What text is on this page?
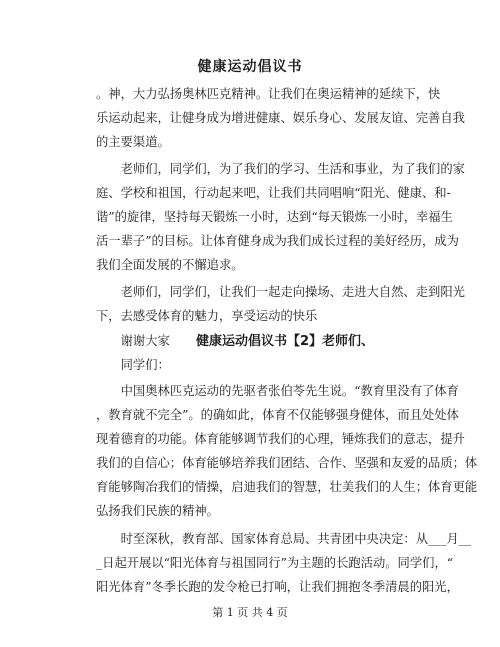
健康运动倡议书
。神，大力弘扬奥林匹克精神。让我们在奥运精神的延续下，快
乐运动起来，让健身成为增进健康、娱乐身心、发展友谊、完善自我
的主要渠道。
　　老师们，同学们，为了我们的学习、生活和事业，为了我们的家
庭、学校和祖国，行动起来吧，让我们共同唱响“阳光、健康、和-
谐”的旋律，坚持每天锻炼一小时，达到“每天锻炼一小时，幸福生
活一辈子”的目标。让体育健身成为我们成长过程的美好经历，成为
我们全面发展的不懈追求。
　　老师们，同学们，让我们一起走向操场、走进大自然、走到阳光
下，去感受体育的魅力，享受运动的快乐
　　谢谢大家	健康运动倡议书【2】老师们、
　　同学们：
　　中国奥林匹克运动的先驱者张伯苓先生说。“教育里没有了体育
，教育就不完全”。的确如此，体育不仅能够强身健体，而且处处体
现着德育的功能。体育能够调节我们的心理，锤炼我们的意志，提升
我们的自信心；体育能够培养我们团结、合作、坚强和友爱的品质；体
育能够陶冶我们的情操，启迪我们的智慧，壮美我们的人生；体育更能
弘扬我们民族的精神。
　　时至深秋，教育部、国家体育总局、共青团中央决定：从___月__
_日起开展以“阳光体育与祖国同行”为主题的长跑活动。同学们，“
阳光体育”冬季长跑的发令枪已打响，让我们拥抱冬季清晨的阳光，
第 1 页 共 4 页
